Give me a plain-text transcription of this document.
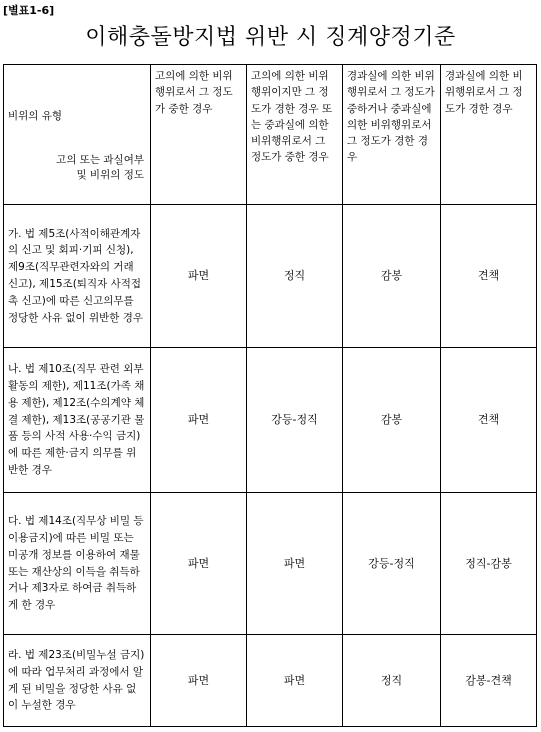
[별표1-6]
이해충돌방지법 위반 시 징계양정기준
고의 또는 과실여부
및 비위의 정도
비위의 유형	고의에 의한 비위행위로서 그 정도가 중한 경우	고의에 의한 비위행위이지만 그 정도가 경한 경우 또는 중과실에 의한 비위행위로서 그 정도가 중한 경우	경과실에 의한 비위행위로서 그 정도가 중하거나 중과실에 의한 비위행위로서 그 정도가 경한 경우	경과실에 의한 비위행위로서 그 정도가 경한 경우
가. 법 제5조(사적이해관계자의 신고 및 회피·기피 신청), 제9조(직무관련자와의 거래 신고), 제15조(퇴직자 사적접촉 신고)에 따른 신고의무를 정당한 사유 없이 위반한 경우	파면	정직	감봉	견책
나. 법 제10조(직무 관련 외부활동의 제한), 제11조(가족 채용 제한), 제12조(수의계약 체결 제한), 제13조(공공기관 물품 등의 사적 사용·수익 금지)에 따른 제한·금지 의무를 위반한 경우	파면	강등-정직	감봉	견책
다. 법 제14조(직무상 비밀 등 이용금지)에 따른 비밀 또는 미공개 정보를 이용하여 재물 또는 재산상의 이득을 취득하거나 제3자로 하여금 취득하게 한 경우	파면	파면	강등-정직	정직-감봉
라. 법 제23조(비밀누설 금지)에 따라 업무처리 과정에서 알게 된 비밀을 정당한 사유 없이 누설한 경우	파면	파면	정직	감봉-견책
